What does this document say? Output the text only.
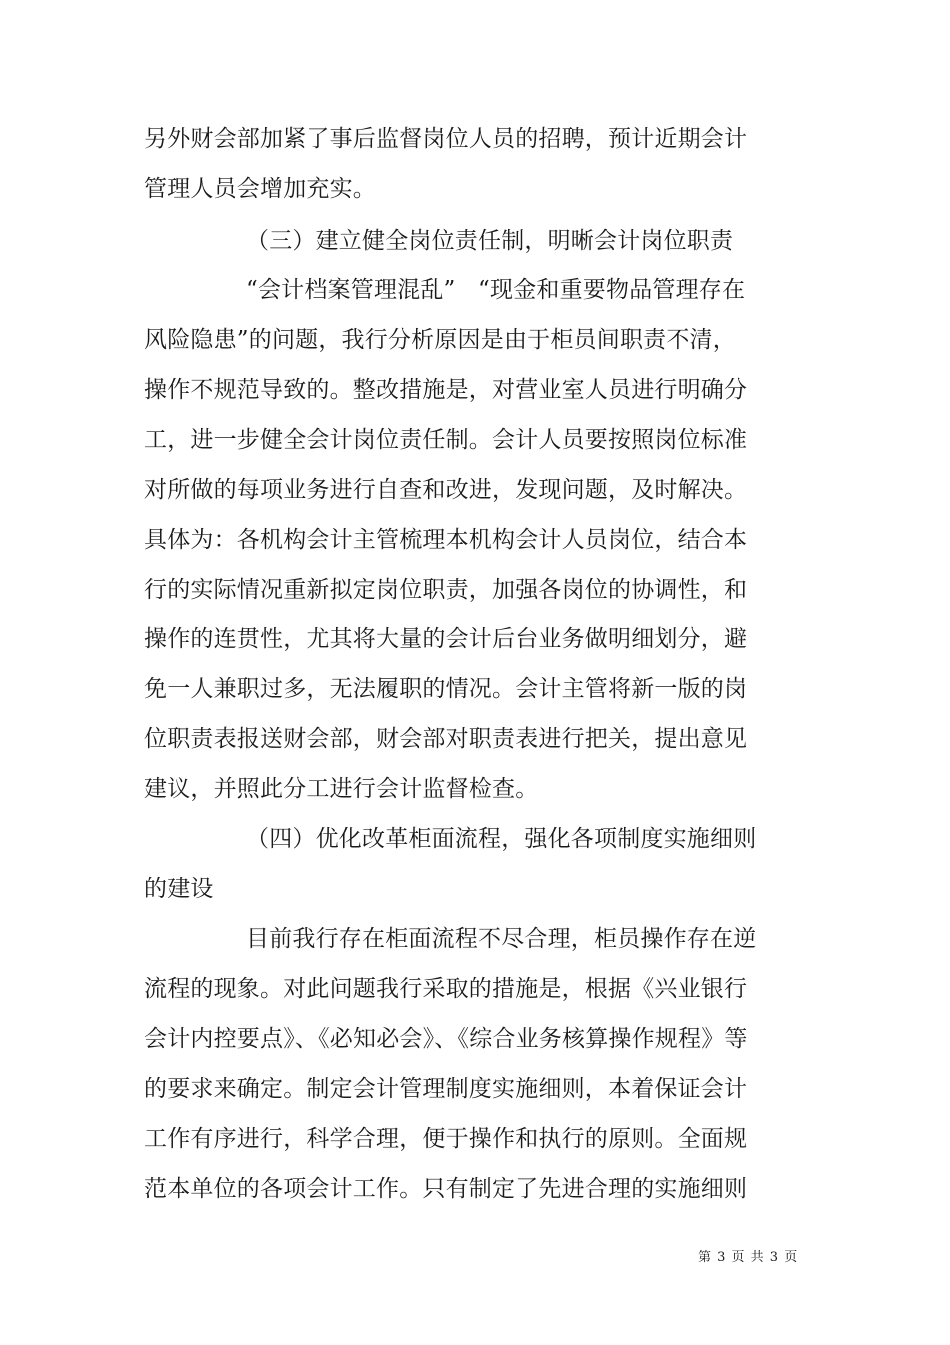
另外财会部加紧了事后监督岗位人员的招聘，预计近期会计
管理人员会增加充实。
（三）建立健全岗位责任制，明晰会计岗位职责
“会计档案管理混乱”   “现金和重要物品管理存在
风险隐患”的问题，我行分析原因是由于柜员间职责不清，
操作不规范导致的。整改措施是，对营业室人员进行明确分
工，进一步健全会计岗位责任制。会计人员要按照岗位标准
对所做的每项业务进行自查和改进，发现问题，及时解决。
具体为：各机构会计主管梳理本机构会计人员岗位，结合本
行的实际情况重新拟定岗位职责，加强各岗位的协调性，和
操作的连贯性，尤其将大量的会计后台业务做明细划分，避
免一人兼职过多，无法履职的情况。会计主管将新一版的岗
位职责表报送财会部，财会部对职责表进行把关，提出意见
建议，并照此分工进行会计监督检查。
（四）优化改革柜面流程，强化各项制度实施细则
的建设
目前我行存在柜面流程不尽合理，柜员操作存在逆
流程的现象。对此问题我行采取的措施是，根据《兴业银行
会计内控要点》、《必知必会》、《综合业务核算操作规程》等
的要求来确定。制定会计管理制度实施细则，本着保证会计
工作有序进行，科学合理，便于操作和执行的原则。全面规
范本单位的各项会计工作。只有制定了先进合理的实施细则
第 3 页 共 3 页
